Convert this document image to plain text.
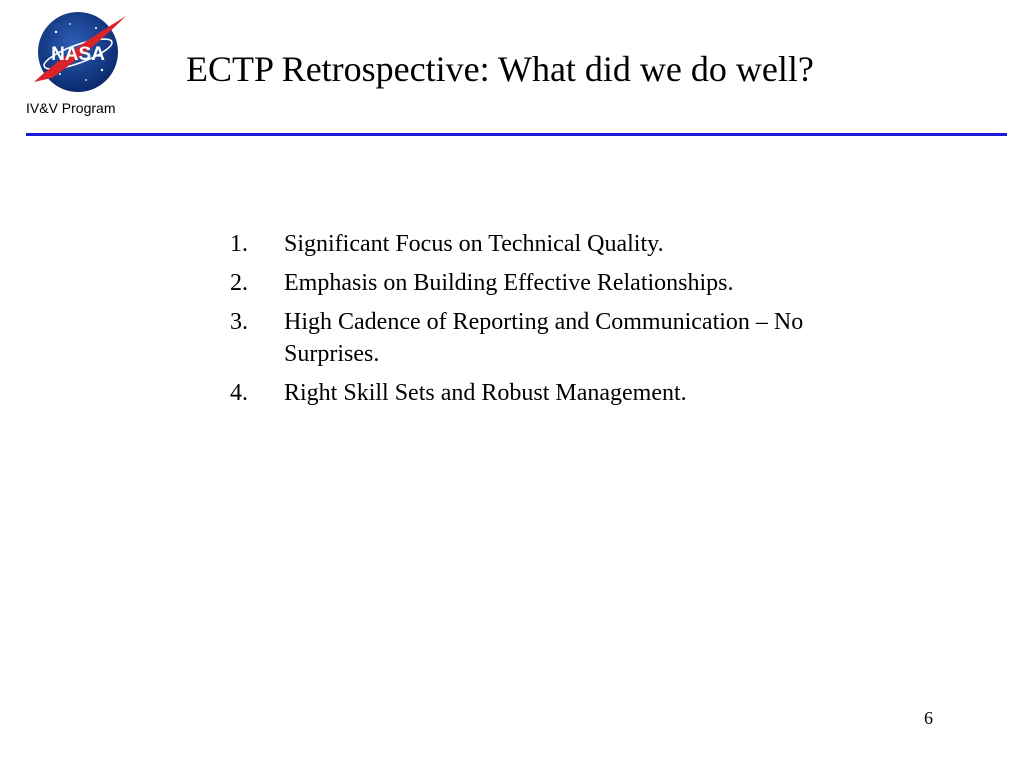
NASA
IV&V Program
ECTP Retrospective: What did we do well?
1.	Significant Focus on Technical Quality.
2.	Emphasis on Building Effective Relationships.
3.	High Cadence of Reporting and Communication – No Surprises.
4.	Right Skill Sets and Robust Management.
6
